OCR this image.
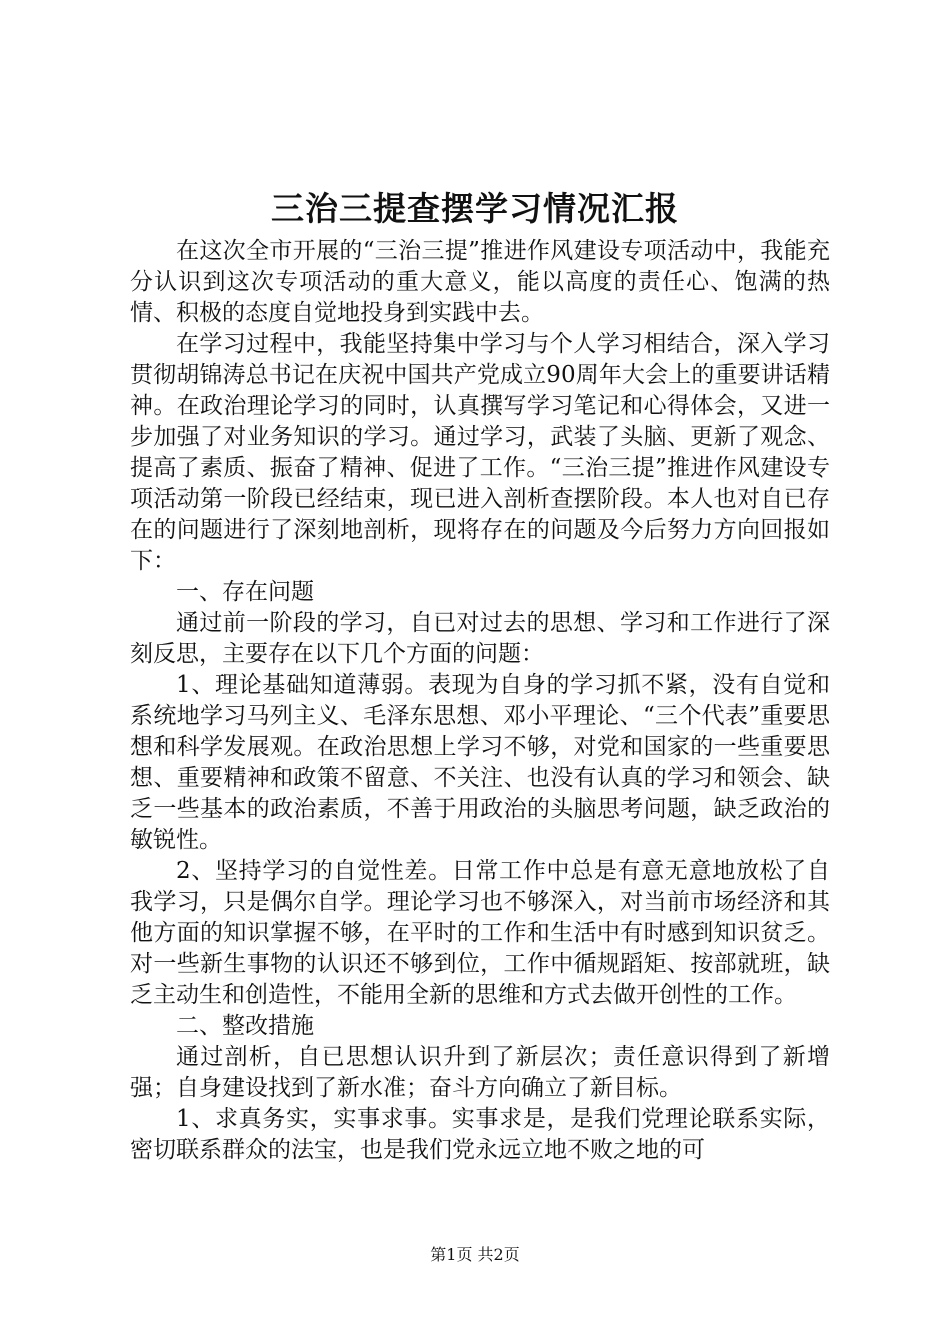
三治三提查摆学习情况汇报

在这次全市开展的“三治三提”推进作风建设专项活动中，我能充分认识到这次专项活动的重大意义，能以高度的责任心、饱满的热情、积极的态度自觉地投身到实践中去。

在学习过程中，我能坚持集中学习与个人学习相结合，深入学习贯彻胡锦涛总书记在庆祝中国共产党成立90周年大会上的重要讲话精神。在政治理论学习的同时，认真撰写学习笔记和心得体会，又进一步加强了对业务知识的学习。通过学习，武装了头脑、更新了观念、提高了素质、振奋了精神、促进了工作。“三治三提”推进作风建设专项活动第一阶段已经结束，现已进入剖析查摆阶段。本人也对自已存在的问题进行了深刻地剖析，现将存在的问题及今后努力方向回报如下：

一、存在问题

通过前一阶段的学习，自已对过去的思想、学习和工作进行了深刻反思，主要存在以下几个方面的问题：

1、理论基础知道薄弱。表现为自身的学习抓不紧，没有自觉和系统地学习马列主义、毛泽东思想、邓小平理论、“三个代表”重要思想和科学发展观。在政治思想上学习不够，对党和国家的一些重要思想、重要精神和政策不留意、不关注、也没有认真的学习和领会、缺乏一些基本的政治素质，不善于用政治的头脑思考问题，缺乏政治的敏锐性。

2、坚持学习的自觉性差。日常工作中总是有意无意地放松了自我学习，只是偶尔自学。理论学习也不够深入，对当前市场经济和其他方面的知识掌握不够，在平时的工作和生活中有时感到知识贫乏。对一些新生事物的认识还不够到位，工作中循规蹈矩、按部就班，缺乏主动生和创造性，不能用全新的思维和方式去做开创性的工作。

二、整改措施

通过剖析，自已思想认识升到了新层次；责任意识得到了新增强；自身建设找到了新水准；奋斗方向确立了新目标。

1、求真务实，实事求事。实事求是，是我们党理论联系实际，密切联系群众的法宝，也是我们党永远立地不败之地的可

第1页 共2页
